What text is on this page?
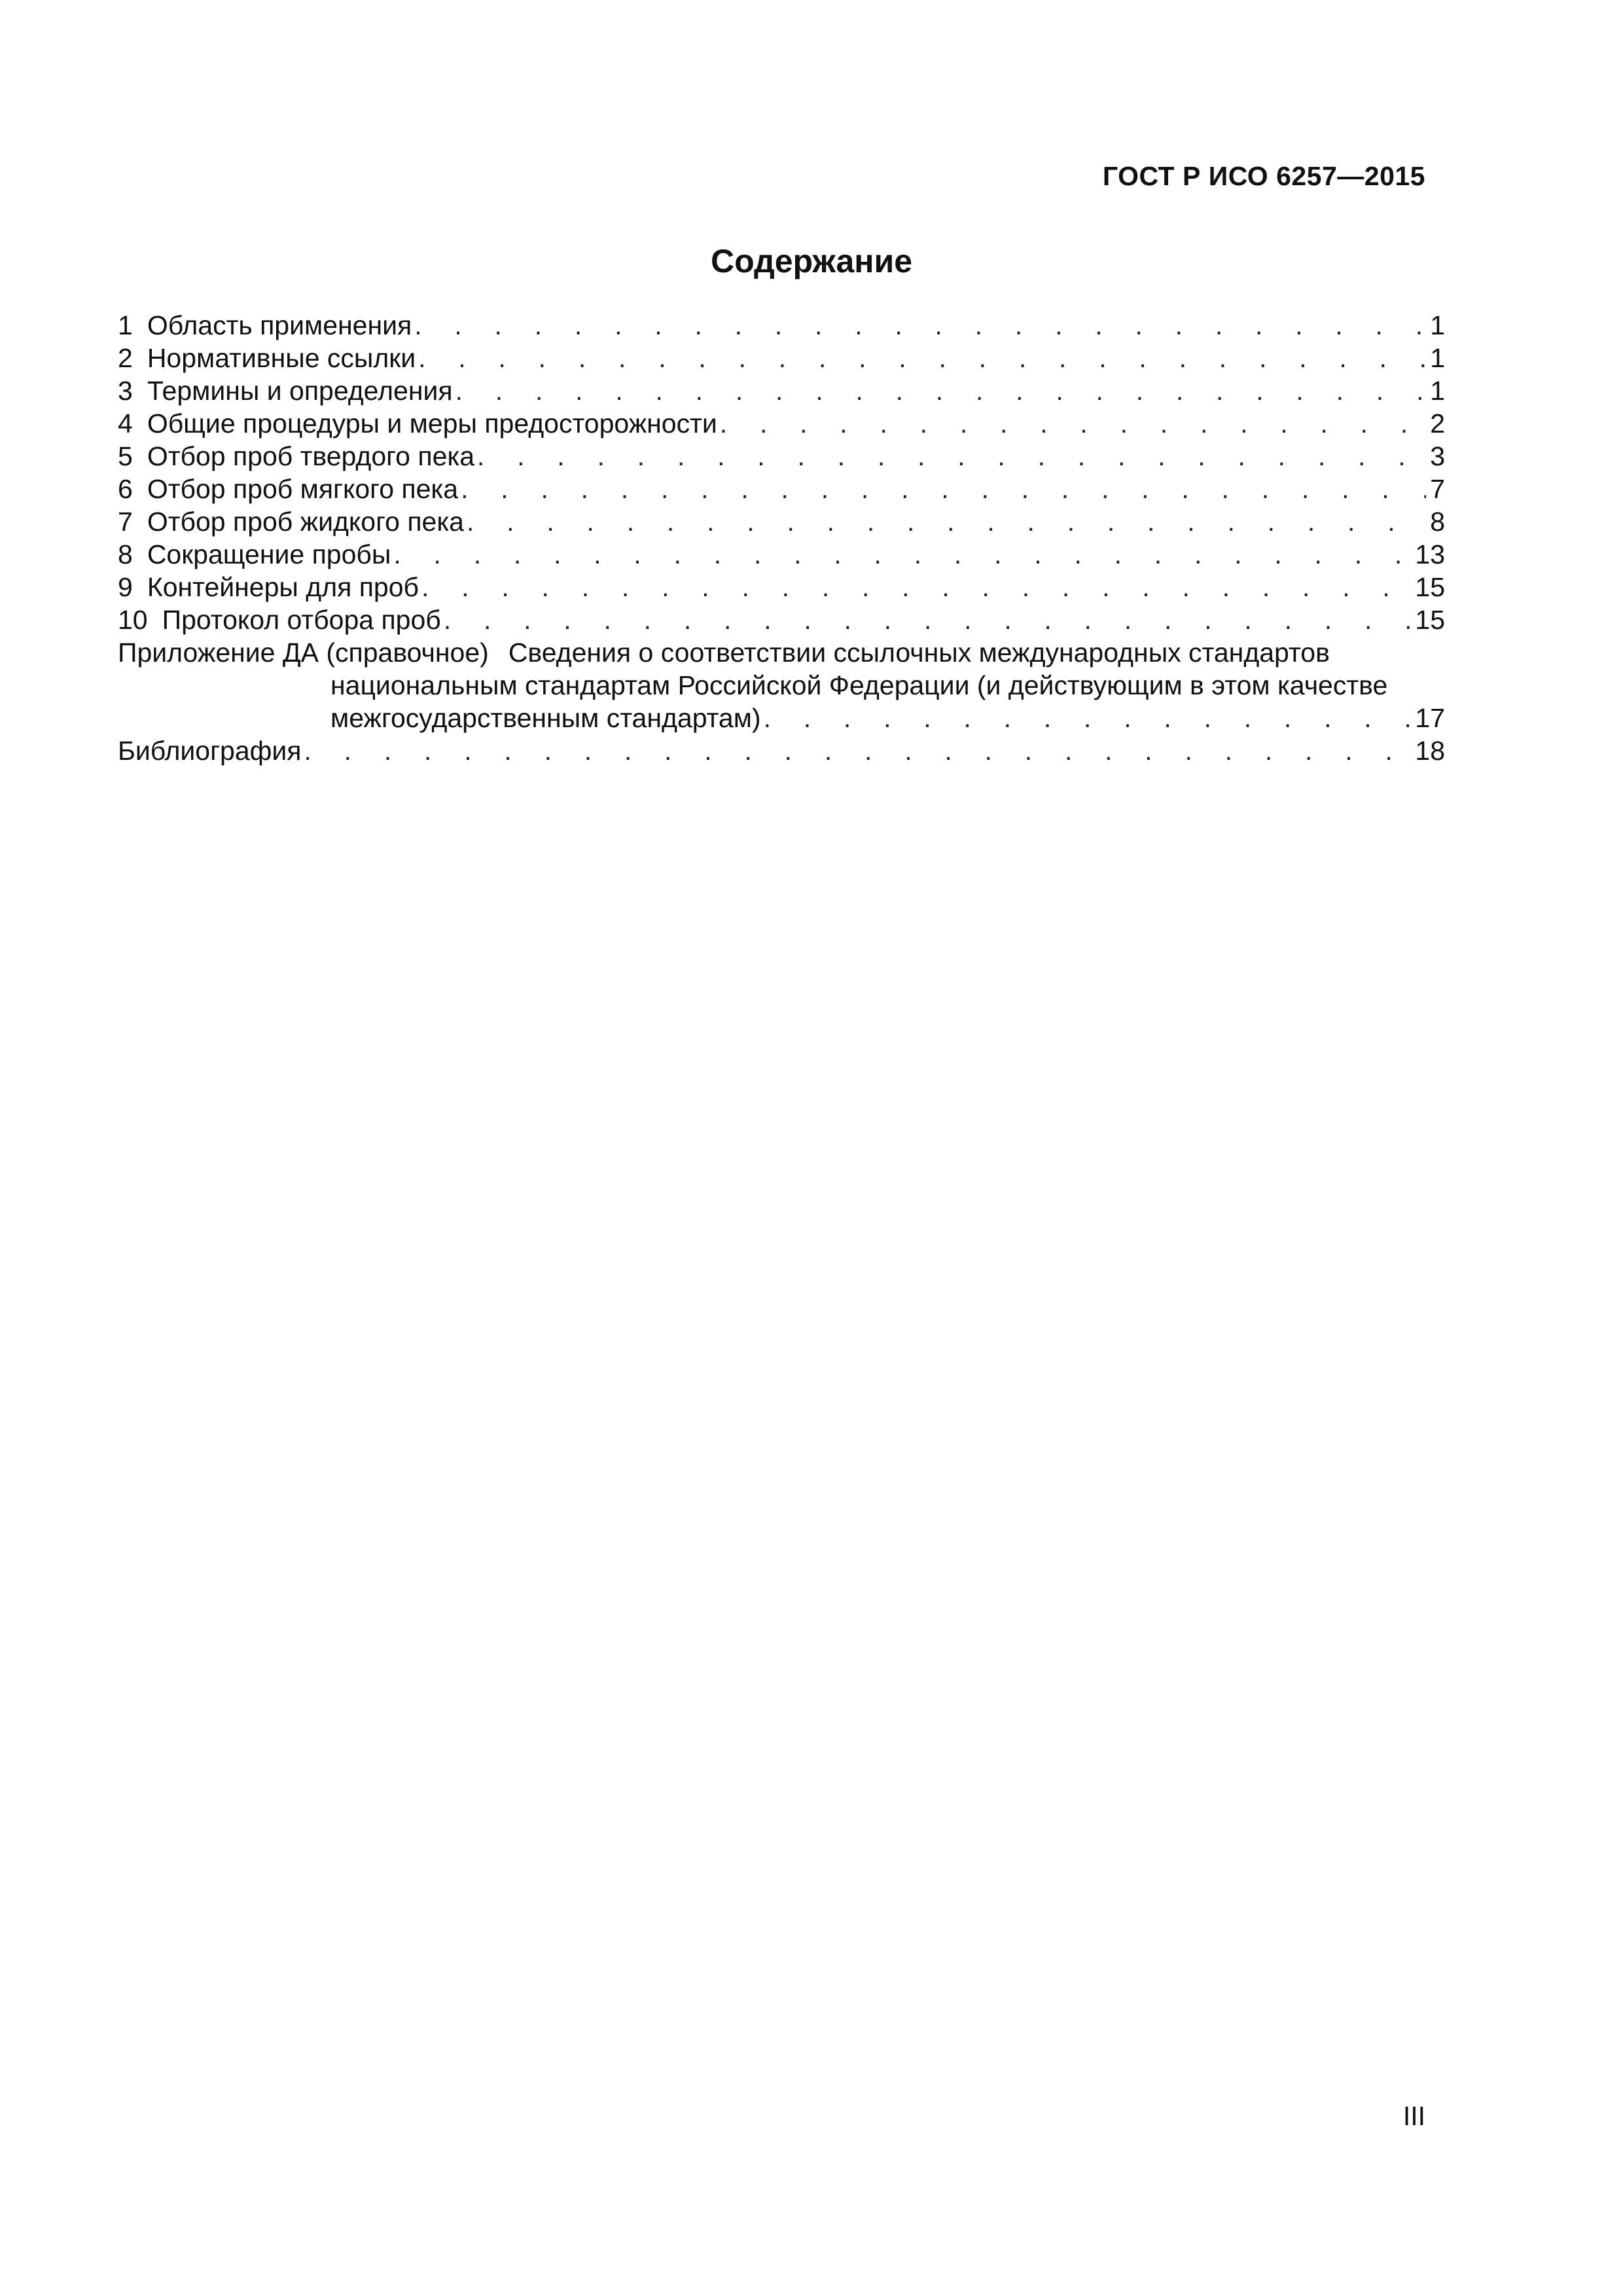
ГОСТ Р ИСО 6257—2015
Содержание
1 Область применения . . .	1
2 Нормативные ссылки . . .	1
3 Термины и определения . . .	1
4 Общие процедуры и меры предосторожности . . .	2
5 Отбор проб твердого пека . . .	3
6 Отбор проб мягкого пека . . .	7
7 Отбор проб жидкого пека . . .	8
8 Сокращение пробы . . .	13
9 Контейнеры для проб . . .	15
10 Протокол отбора проб . . .	15
Приложение ДА (справочное) Сведения о соответствии ссылочных международных стандартов
национальным стандартам Российской Федерации (и действующим в этом качестве
межгосударственным стандартам) . . .	17
Библиография . . .	18
III
